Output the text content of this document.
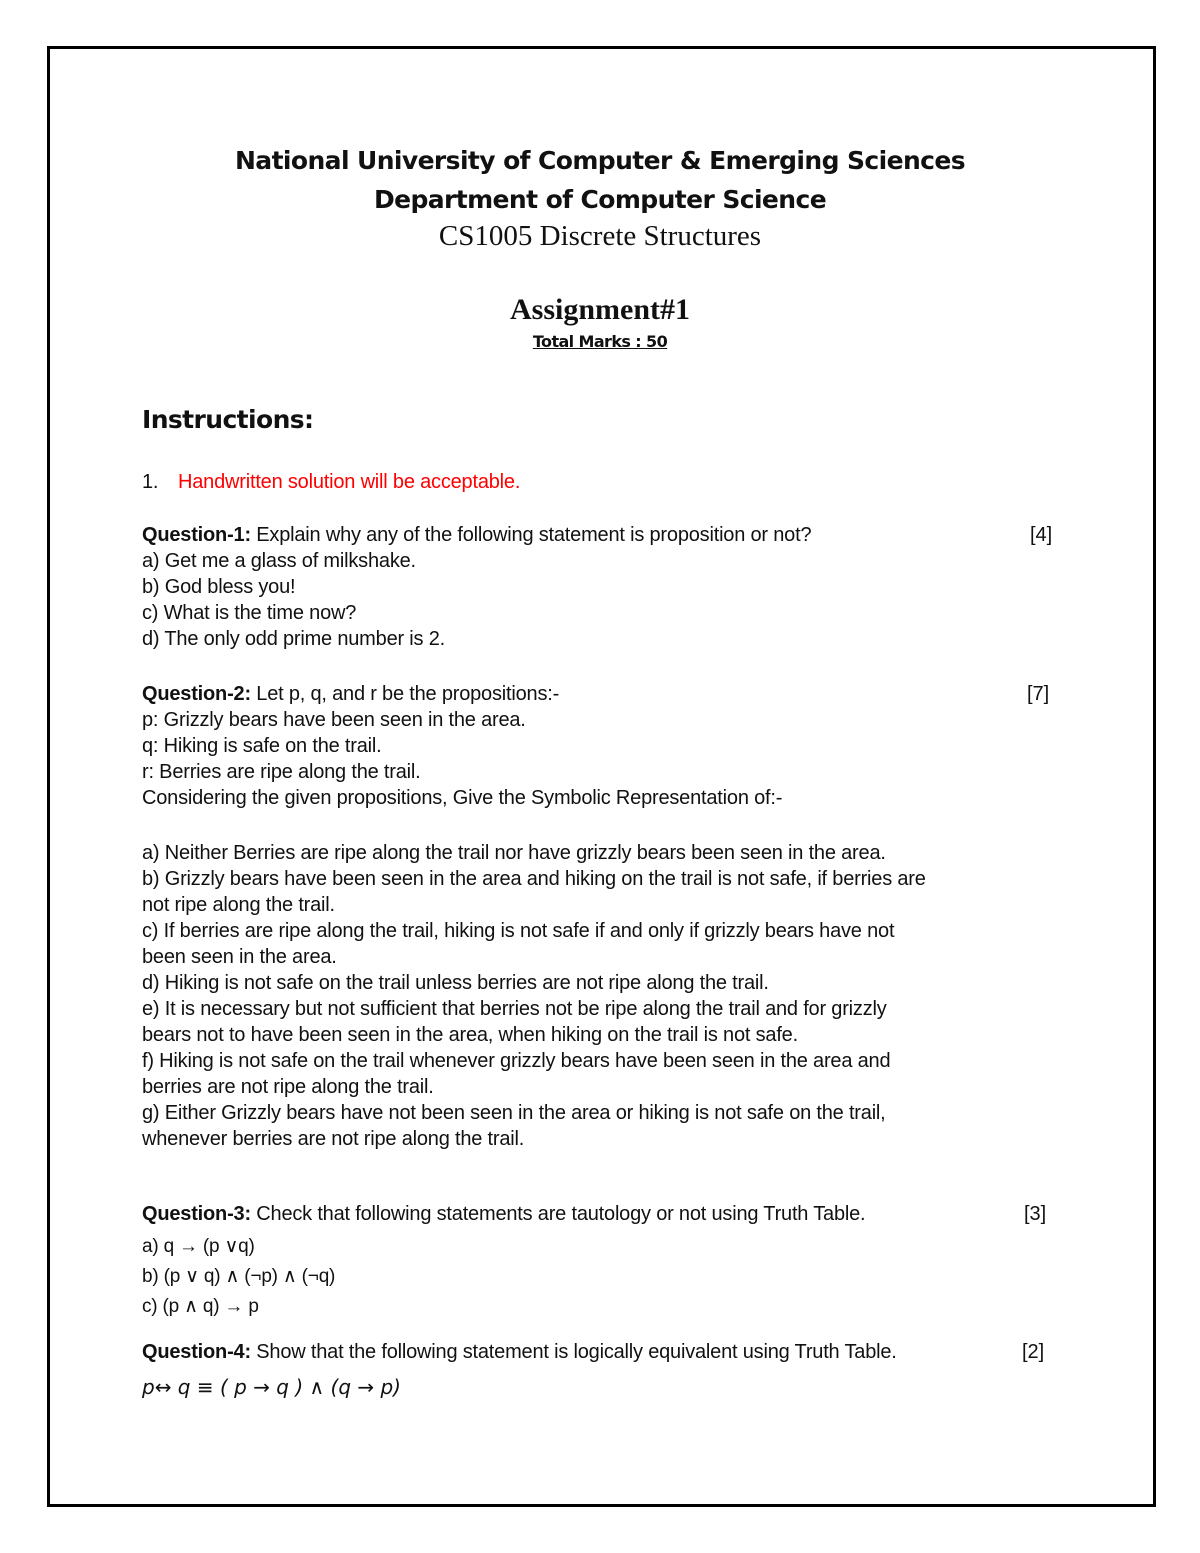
National University of Computer & Emerging Sciences
Department of Computer Science
CS1005 Discrete Structures
Assignment#1
Total Marks : 50
Instructions:
1. Handwritten solution will be acceptable.
Question-1: Explain why any of the following statement is proposition or not?	[4]
a) Get me a glass of milkshake.
b) God bless you!
c) What is the time now?
d) The only odd prime number is 2.
Question-2: Let p, q, and r be the propositions:-	[7]
p: Grizzly bears have been seen in the area.
q: Hiking is safe on the trail.
r: Berries are ripe along the trail.
Considering the given propositions, Give the Symbolic Representation of:-
a) Neither Berries are ripe along the trail nor have grizzly bears been seen in the area.
b) Grizzly bears have been seen in the area and hiking on the trail is not safe, if berries are
not ripe along the trail.
c) If berries are ripe along the trail, hiking is not safe if and only if grizzly bears have not
been seen in the area.
d) Hiking is not safe on the trail unless berries are not ripe along the trail.
e) It is necessary but not sufficient that berries not be ripe along the trail and for grizzly
bears not to have been seen in the area, when hiking on the trail is not safe.
f) Hiking is not safe on the trail whenever grizzly bears have been seen in the area and
berries are not ripe along the trail.
g) Either Grizzly bears have not been seen in the area or hiking is not safe on the trail,
whenever berries are not ripe along the trail.
Question-3: Check that following statements are tautology or not using Truth Table.	[3]
a) q → (p ∨q)
b) (p ∨ q) ∧ (¬p) ∧ (¬q)
c) (p ∧ q) → p
Question-4: Show that the following statement is logically equivalent using Truth Table.	[2]
p↔ q ≡ ( p → q ) ∧ (q → p)
